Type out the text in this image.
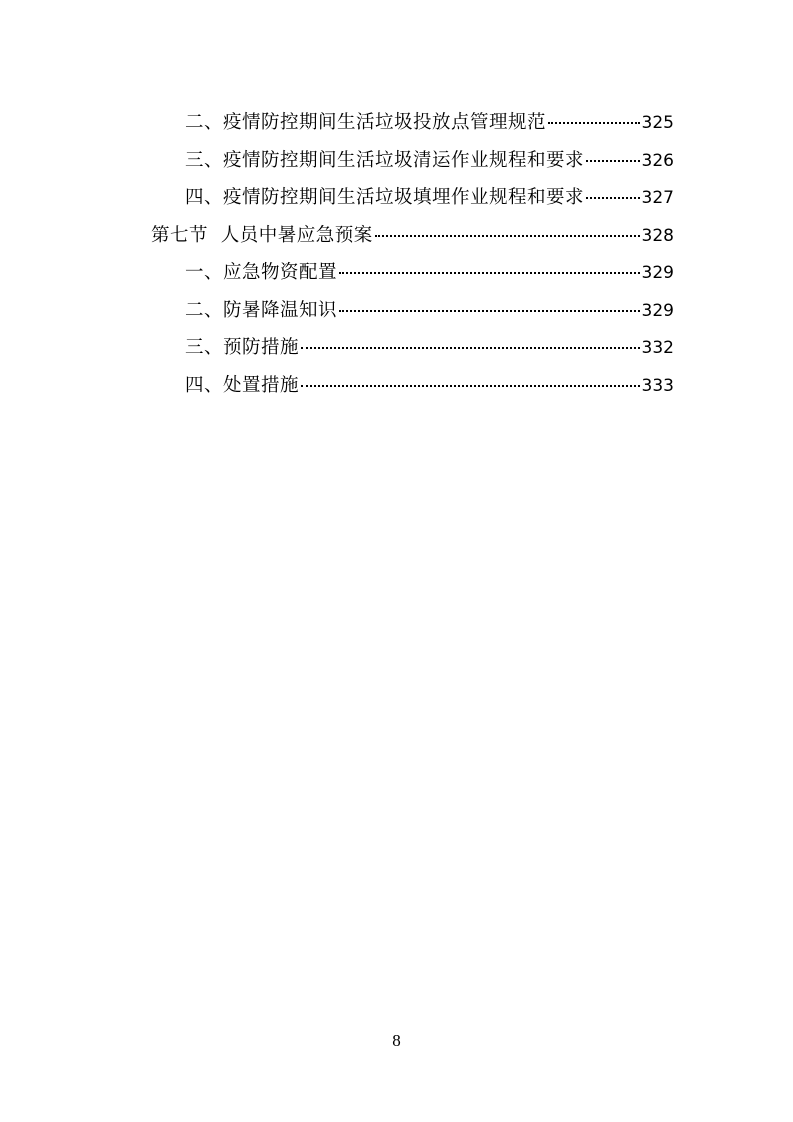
二、疫情防控期间生活垃圾投放点管理规范	325
三、疫情防控期间生活垃圾清运作业规程和要求	326
四、疫情防控期间生活垃圾填埋作业规程和要求	327
第七节  人员中暑应急预案	328
一、应急物资配置	329
二、防暑降温知识	329
三、预防措施	332
四、处置措施	333
8
